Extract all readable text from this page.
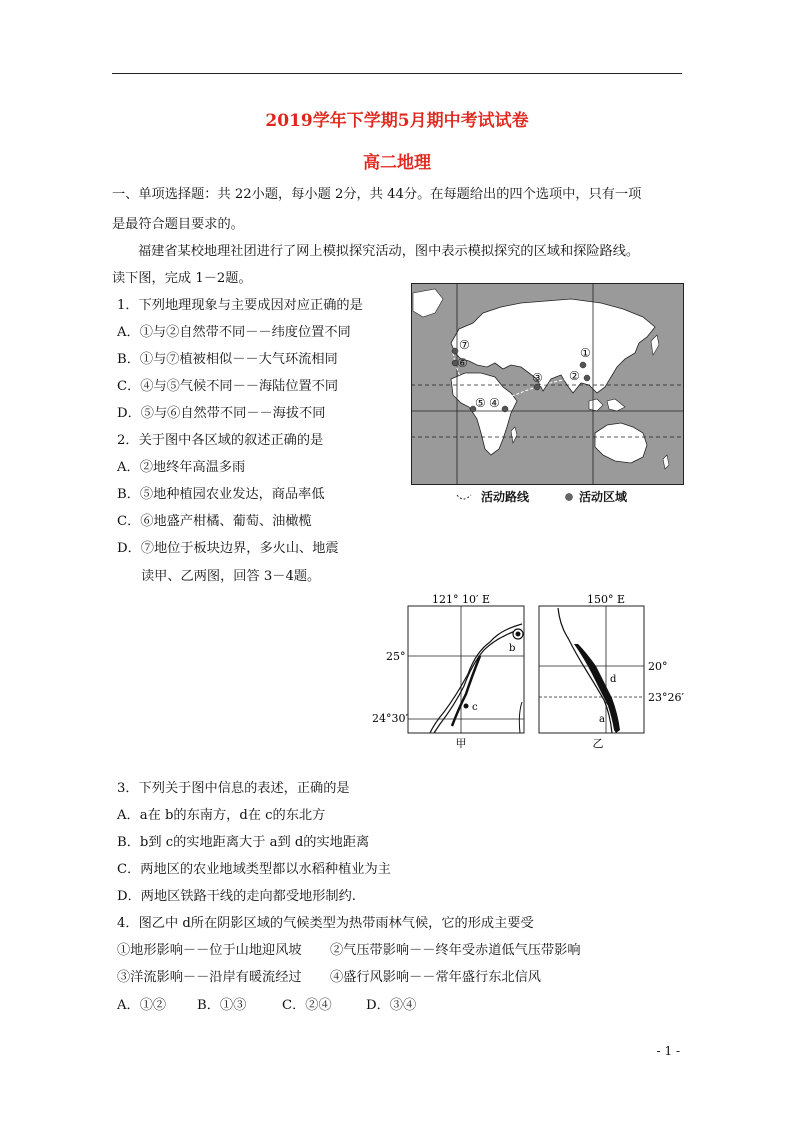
2019学年下学期5月期中考试试卷
高二地理
一、单项选择题：共 22小题，每小题 2分，共 44分。在每题给出的四个选项中，只有一项
是最符合题目要求的。
福建省某校地理社团进行了网上模拟探究活动，图中表示模拟探究的区域和探险路线。
读下图，完成 1－2题。
1．下列地理现象与主要成因对应正确的是
A．①与②自然带不同－－纬度位置不同
B．①与⑦植被相似－－大气环流相同
C．④与⑤气候不同－－海陆位置不同
D．⑤与⑥自然带不同－－海拔不同
2．关于图中各区域的叙述正确的是
A．②地终年高温多雨
B．⑤地种植园农业发达，商品率低
C．⑥地盛产柑橘、葡萄、油橄榄
D．⑦地位于板块边界，多火山、地震
读甲、乙两图，回答 3－4题。
①
②
③
④
⑤
⑥
⑦
活动路线	活动区域
121° 10′ E
b
c
25°
24°30′
甲
150° E
d
a
20°
23°26′
乙
3．下列关于图中信息的表述，正确的是
A．a在 b的东南方，d在 c的东北方
B．b到 c的实地距离大于 a到 d的实地距离
C．两地区的农业地域类型都以水稻种植业为主
D．两地区铁路干线的走向都受地形制约.
4．图乙中 d所在阴影区域的气候类型为热带雨林气候，它的形成主要受
①地形影响－－位于山地迎风坡 ②气压带影响－－终年受赤道低气压带影响
③洋流影响－－沿岸有暖流经过 ④盛行风影响－－常年盛行东北信风
A．①② B．①③	C．②④	D．③④
- 1 -
